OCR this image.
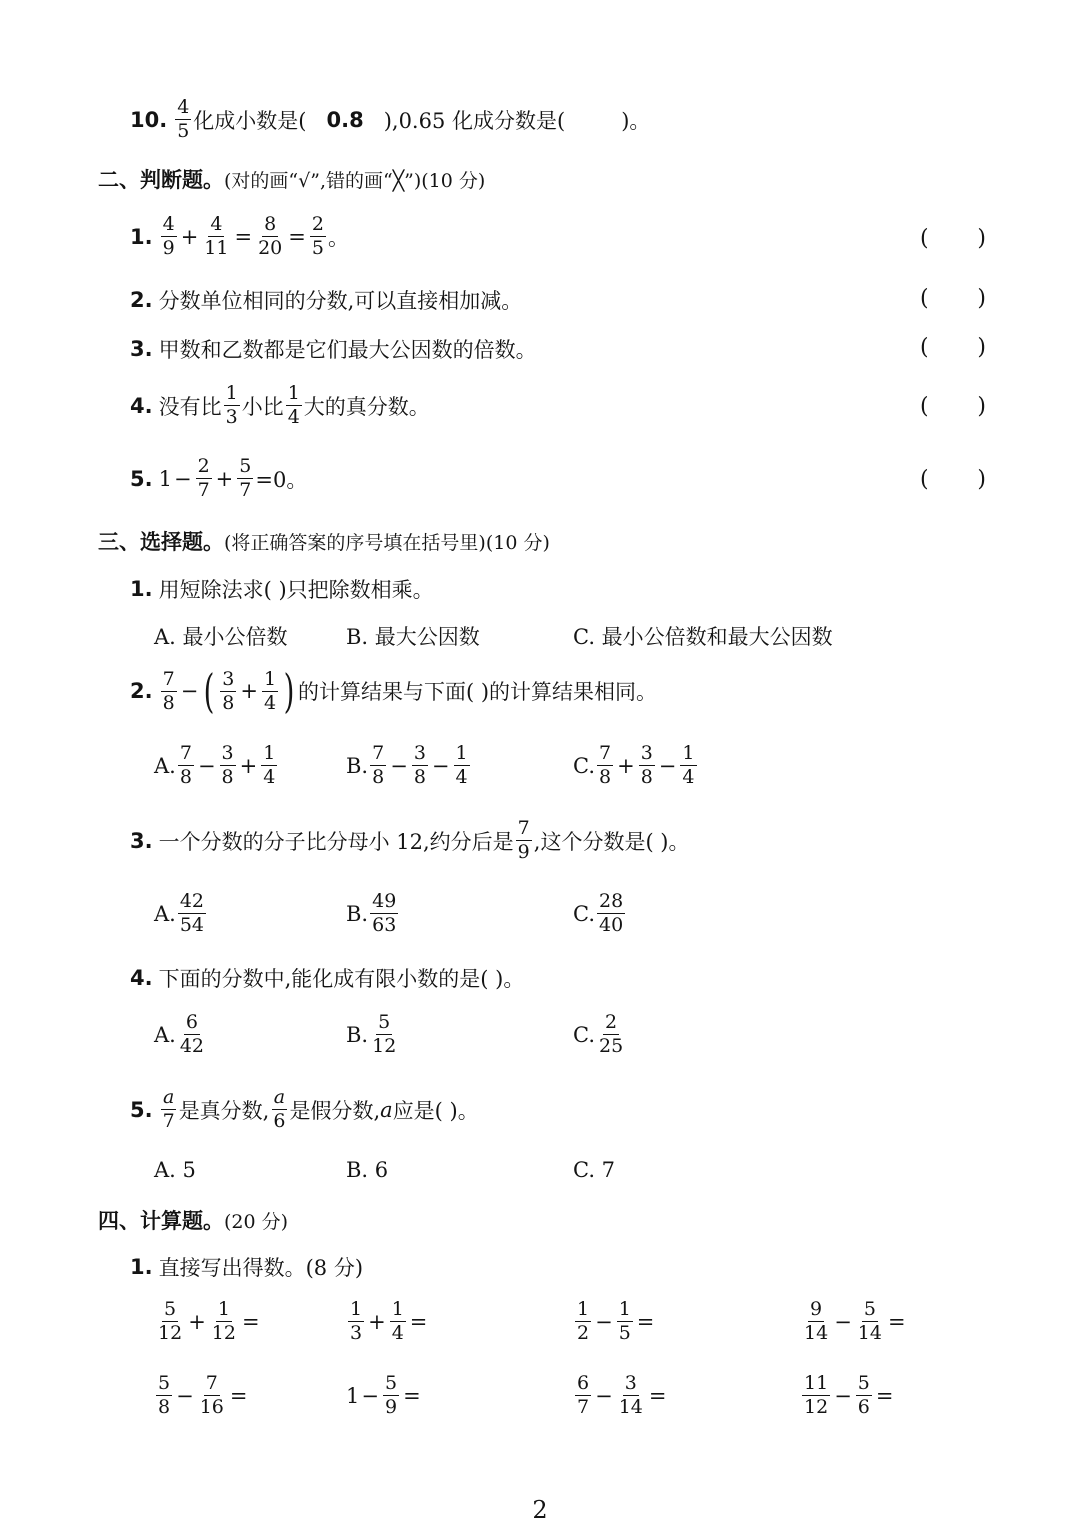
10. $\frac{4}{5}$ 化成小数是( 0.8 ),0.65 化成分数是(	)。
二、判断题。 (对的画“√”,错的画“╳”)(10 分)
1. $\frac{4}{9} + \frac{4}{11} = \frac{8}{20} = \frac{2}{5}$ 。	( )
2. 分数单位相同的分数,可以直接相加减。	( )
3. 甲数和乙数都是它们最大公因数的倍数。	( )
4. 没有比 $\frac{1}{3}$ 小比 $\frac{1}{4}$ 大的真分数。	( )
5. $1 - \frac{2}{7} + \frac{5}{7} =0$。	( )
三、选择题。 (将正确答案的序号填在括号里)(10 分)
1. 用短除法求( )只把除数相乘。
A. 最小公倍数	B. 最大公因数	C. 最小公倍数和最大公因数
2. $\frac{7}{8}$ − ( $\frac{3}{8} + \frac{1}{4}$ ) 的计算结果与下面( )的计算结果相同。
A. $\frac{7}{8} - \frac{3}{8} + \frac{1}{4}$	B. $\frac{7}{8} - \frac{3}{8} - \frac{1}{4}$	C. $\frac{7}{8} + \frac{3}{8} - \frac{1}{4}$
3. 一个分数的分子比分母小 12,约分后是 $\frac{7}{9}$ ,这个分数是( )。
A. $\frac{42}{54}$	B. $\frac{49}{63}$	C. $\frac{28}{40}$
4. 下面的分数中,能化成有限小数的是( )。
A. $\frac{6}{42}$	B. $\frac{5}{12}$	C. $\frac{2}{25}$
5. $\frac{a}{7}$ 是真分数, $\frac{a}{6}$ 是假分数, a 应是( )。
A. 5	B. 6	C. 7
四、计算题。 (20 分)
1. 直接写出得数。(8 分)
$\frac{5}{12} + \frac{1}{12}$ =	$\frac{1}{3} + \frac{1}{4}$ =	$\frac{1}{2} - \frac{1}{5}$ =	$\frac{9}{14} - \frac{5}{14}$ =
$\frac{5}{8} - \frac{7}{16}$ =	$1 - \frac{5}{9}$ =	$\frac{6}{7} - \frac{3}{14}$ =	$\frac{11}{12} - \frac{5}{6}$ =
2
